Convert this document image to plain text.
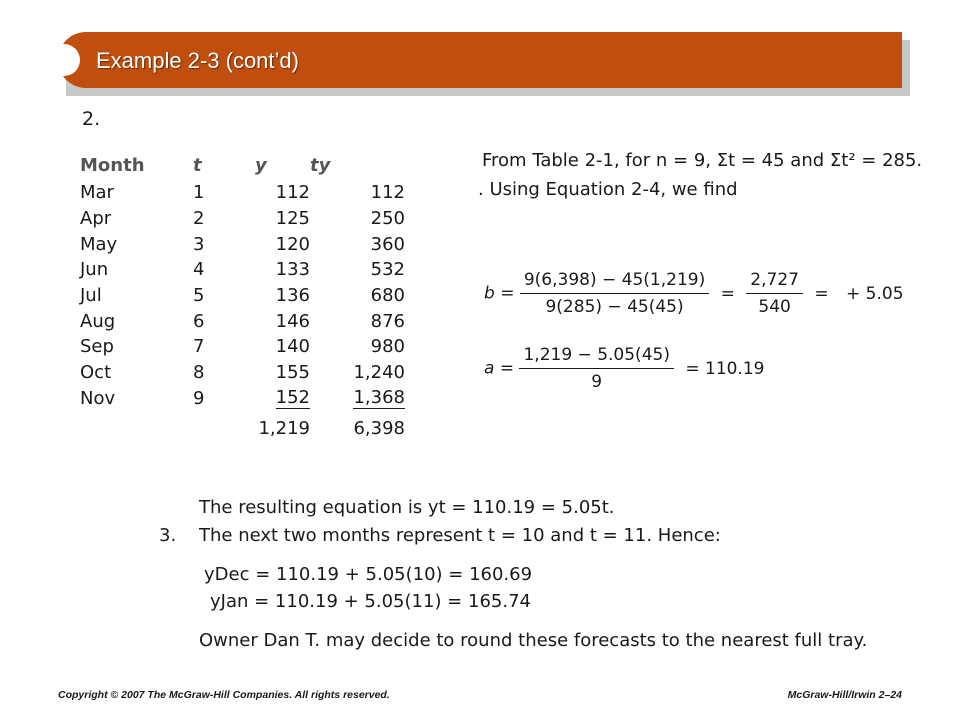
Example 2-3 (cont’d)
2.
Month	t	y	ty
Mar	1	112	112
Apr	2	125	250
May	3	120	360
Jun	4	133	532
Jul	5	136	680
Aug	6	146	876
Sep	7	140	980
Oct	8	155	1,240
Nov	9	152	1,368
		1,219	6,398
From Table 2-1, for n = 9, Σt = 45 and Σt² = 285.
. Using Equation 2-4, we find
$b = \frac{9(6,398) - 45(1,219)}{9(285) - 45(45)} = \frac{2,727}{540}$ = + 5.05
$a = \frac{1,219 - 5.05(45)}{9} = 110.19$
The resulting equation is yt = 110.19 = 5.05t.
3. The next two months represent t = 10 and t = 11. Hence:
yDec = 110.19 + 5.05(10) = 160.69
yJan = 110.19 + 5.05(11) = 165.74
Owner Dan T. may decide to round these forecasts to the nearest full tray.
Copyright © 2007 The McGraw-Hill Companies. All rights reserved.	McGraw-Hill/Irwin 2–24
